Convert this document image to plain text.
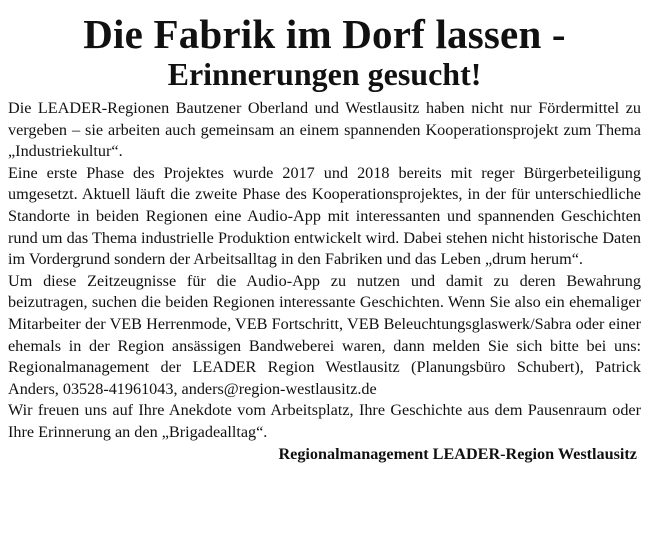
Die Fabrik im Dorf lassen -
Erinnerungen gesucht!

Die LEADER-Regionen Bautzener Oberland und Westlausitz haben nicht nur Fördermittel zu vergeben – sie arbeiten auch gemeinsam an einem spannenden Kooperationsprojekt zum Thema „Industriekultur“.

Eine erste Phase des Projektes wurde 2017 und 2018 bereits mit reger Bürgerbeteiligung umgesetzt. Aktuell läuft die zweite Phase des Kooperationsprojektes, in der für unterschiedliche Standorte in beiden Regionen eine Audio-App mit interessanten und spannenden Geschichten rund um das Thema industrielle Produktion entwickelt wird. Dabei stehen nicht historische Daten im Vordergrund sondern der Arbeitsalltag in den Fabriken und das Leben „drum herum“.

Um diese Zeitzeugnisse für die Audio-App zu nutzen und damit zu deren Bewahrung beizutragen, suchen die beiden Regionen interessante Geschichten. Wenn Sie also ein ehemaliger Mitarbeiter der VEB Herrenmode, VEB Fortschritt, VEB Beleuchtungsglaswerk/Sabra oder einer ehemals in der Region ansässigen Bandweberei waren, dann melden Sie sich bitte bei uns: Regionalmanagement der LEADER Region Westlausitz (Planungsbüro Schubert), Patrick Anders, 03528-41961043, anders@region-westlausitz.de

Wir freuen uns auf Ihre Anekdote vom Arbeitsplatz, Ihre Geschichte aus dem Pausenraum oder Ihre Erinnerung an den „Brigadealltag“.

Regionalmanagement LEADER-Region Westlausitz
